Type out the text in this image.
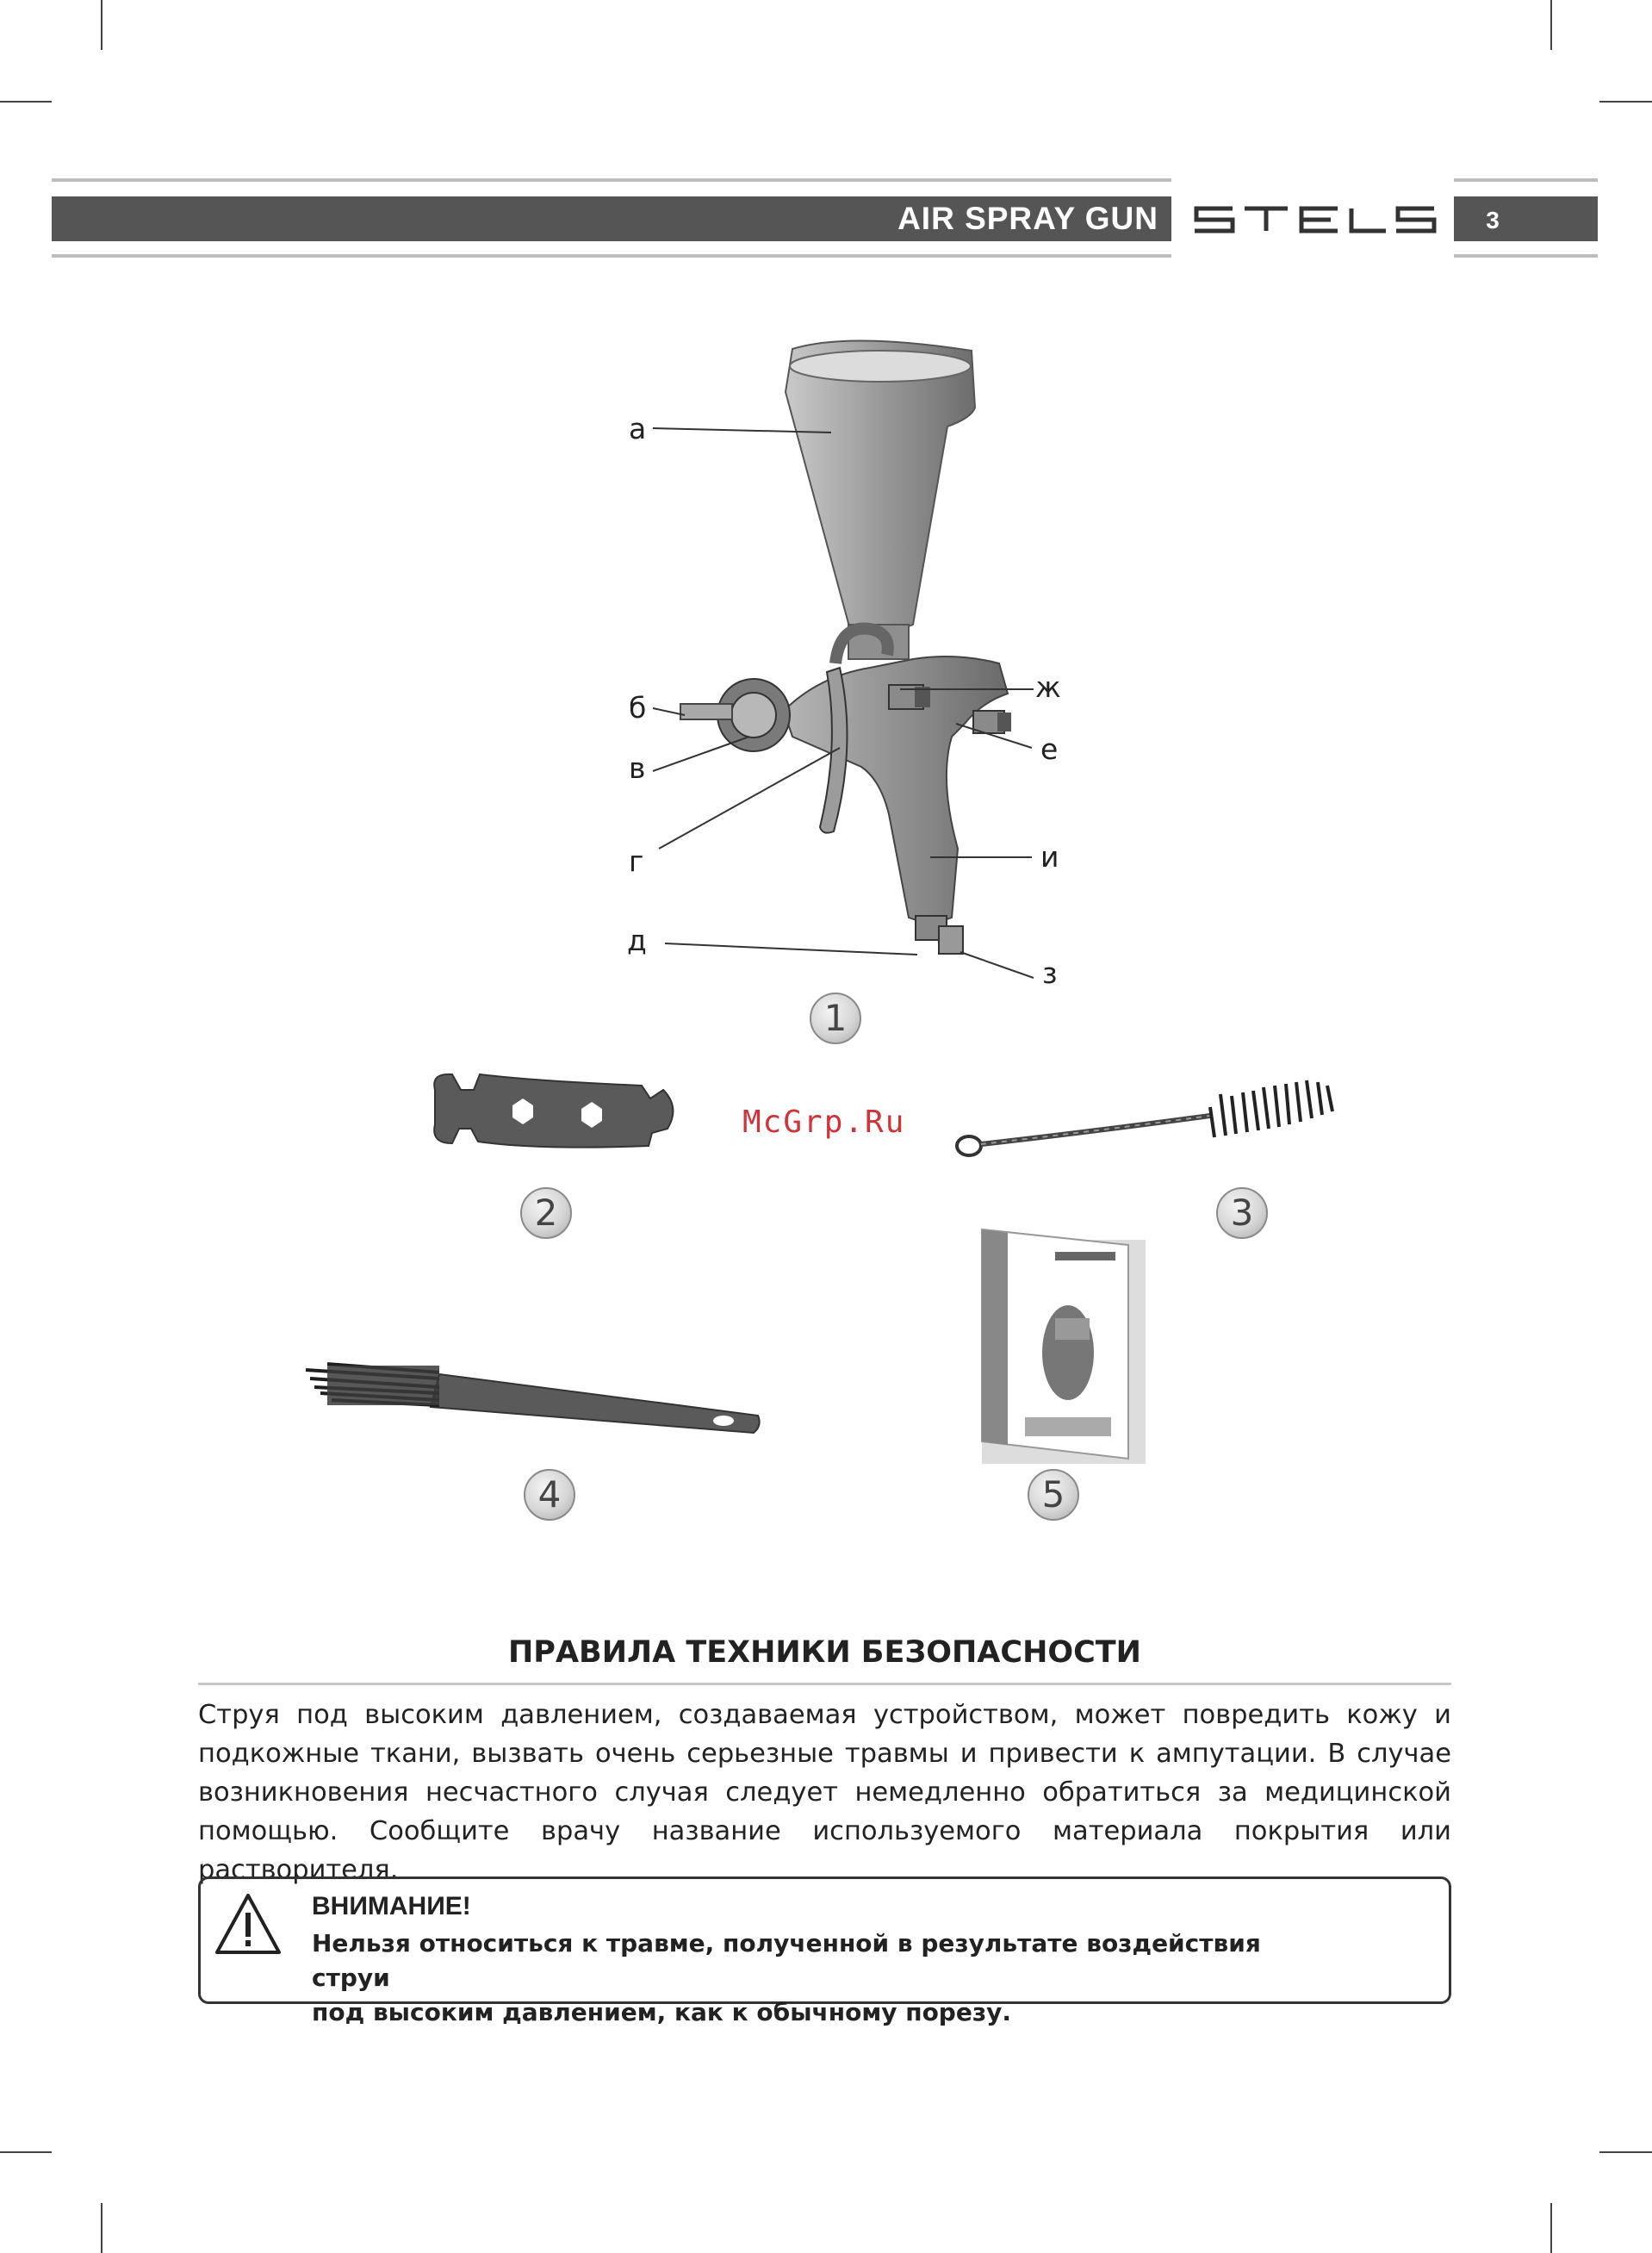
AIR SPRAY GUN	3
а
б
в
г
д
е
ж
з
и
1
2	3
4	5
McGrp.Ru
ПРАВИЛА ТЕХНИКИ БЕЗОПАСНОСТИ
Струя под высоким давлением, создаваемая устройством, может повредить кожу и подкожные ткани, вызвать очень серьезные травмы и привести к ампутации. В случае возникновения несчастного случая следует немедленно обратиться за медицинской помощью. Сообщите врачу название используемого материала покрытия или растворителя.
ВНИМАНИЕ!
Нельзя относиться к травме, полученной в результате воздействия струи
под высоким давлением, как к обычному порезу.
